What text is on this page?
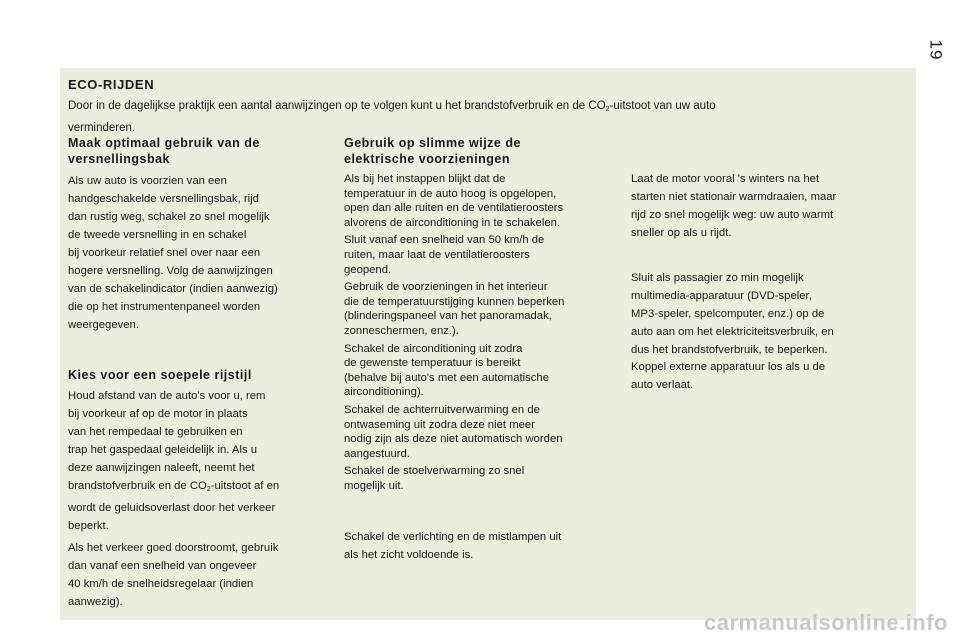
19
ECO-RIJDEN
Door in de dagelijkse praktijk een aantal aanwijzingen op te volgen kunt u het brandstofverbruik en de $CO_2$-uitstoot van uw auto
verminderen.

Maak optimaal gebruik van de
versnellingsbak

Als uw auto is voorzien van een

handgeschakelde versnellingsbak, rijd

dan rustig weg, schakel zo snel mogelijk

de tweede versnelling in en schakel

bij voorkeur relatief snel over naar een

hogere versnelling. Volg de aanwijzingen

van de schakelindicator (indien aanwezig)

die op het instrumentenpaneel worden

weergegeven.

Kies voor een soepele rijstijl

Houd afstand van de auto's voor u, rem

bij voorkeur af op de motor in plaats

van het rempedaal te gebruiken en

trap het gaspedaal geleidelijk in. Als u

deze aanwijzingen naleeft, neemt het

brandstofverbruik en de $CO_2$-uitstoot af en

wordt de geluidsoverlast door het verkeer

beperkt.

Als het verkeer goed doorstroomt, gebruik

dan vanaf een snelheid van ongeveer

40 km/h de snelheidsregelaar (indien

aanwezig).

Gebruik op slimme wijze de
elektrische voorzieningen

Als bij het instappen blijkt dat de

temperatuur in de auto hoog is opgelopen,

open dan alle ruiten en de ventilatieroosters

alvorens de airconditioning in te schakelen.

Sluit vanaf een snelheid van 50 km/h de

ruiten, maar laat de ventilatieroosters

geopend.

Gebruik de voorzieningen in het interieur

die de temperatuurstijging kunnen beperken

(blinderingspaneel van het panoramadak,

zonneschermen, enz.).

Schakel de airconditioning uit zodra

de gewenste temperatuur is bereikt

(behalve bij auto's met een automatische

airconditioning).

Schakel de achterruitverwarming en de

ontwaseming uit zodra deze niet meer

nodig zijn als deze niet automatisch worden

aangestuurd.

Schakel de stoelverwarming zo snel

mogelijk uit.

Schakel de verlichting en de mistlampen uit

als het zicht voldoende is.

Laat de motor vooral 's winters na het

starten niet stationair warmdraaien, maar

rijd zo snel mogelijk weg: uw auto warmt

sneller op als u rijdt.

Sluit als passagier zo min mogelijk

multimedia-apparatuur (DVD-speler,

MP3-speler, spelcomputer, enz.) op de

auto aan om het elektriciteitsverbruik, en

dus het brandstofverbruik, te beperken.

Koppel externe apparatuur los als u de

auto verlaat.

carmanualsonline.info
